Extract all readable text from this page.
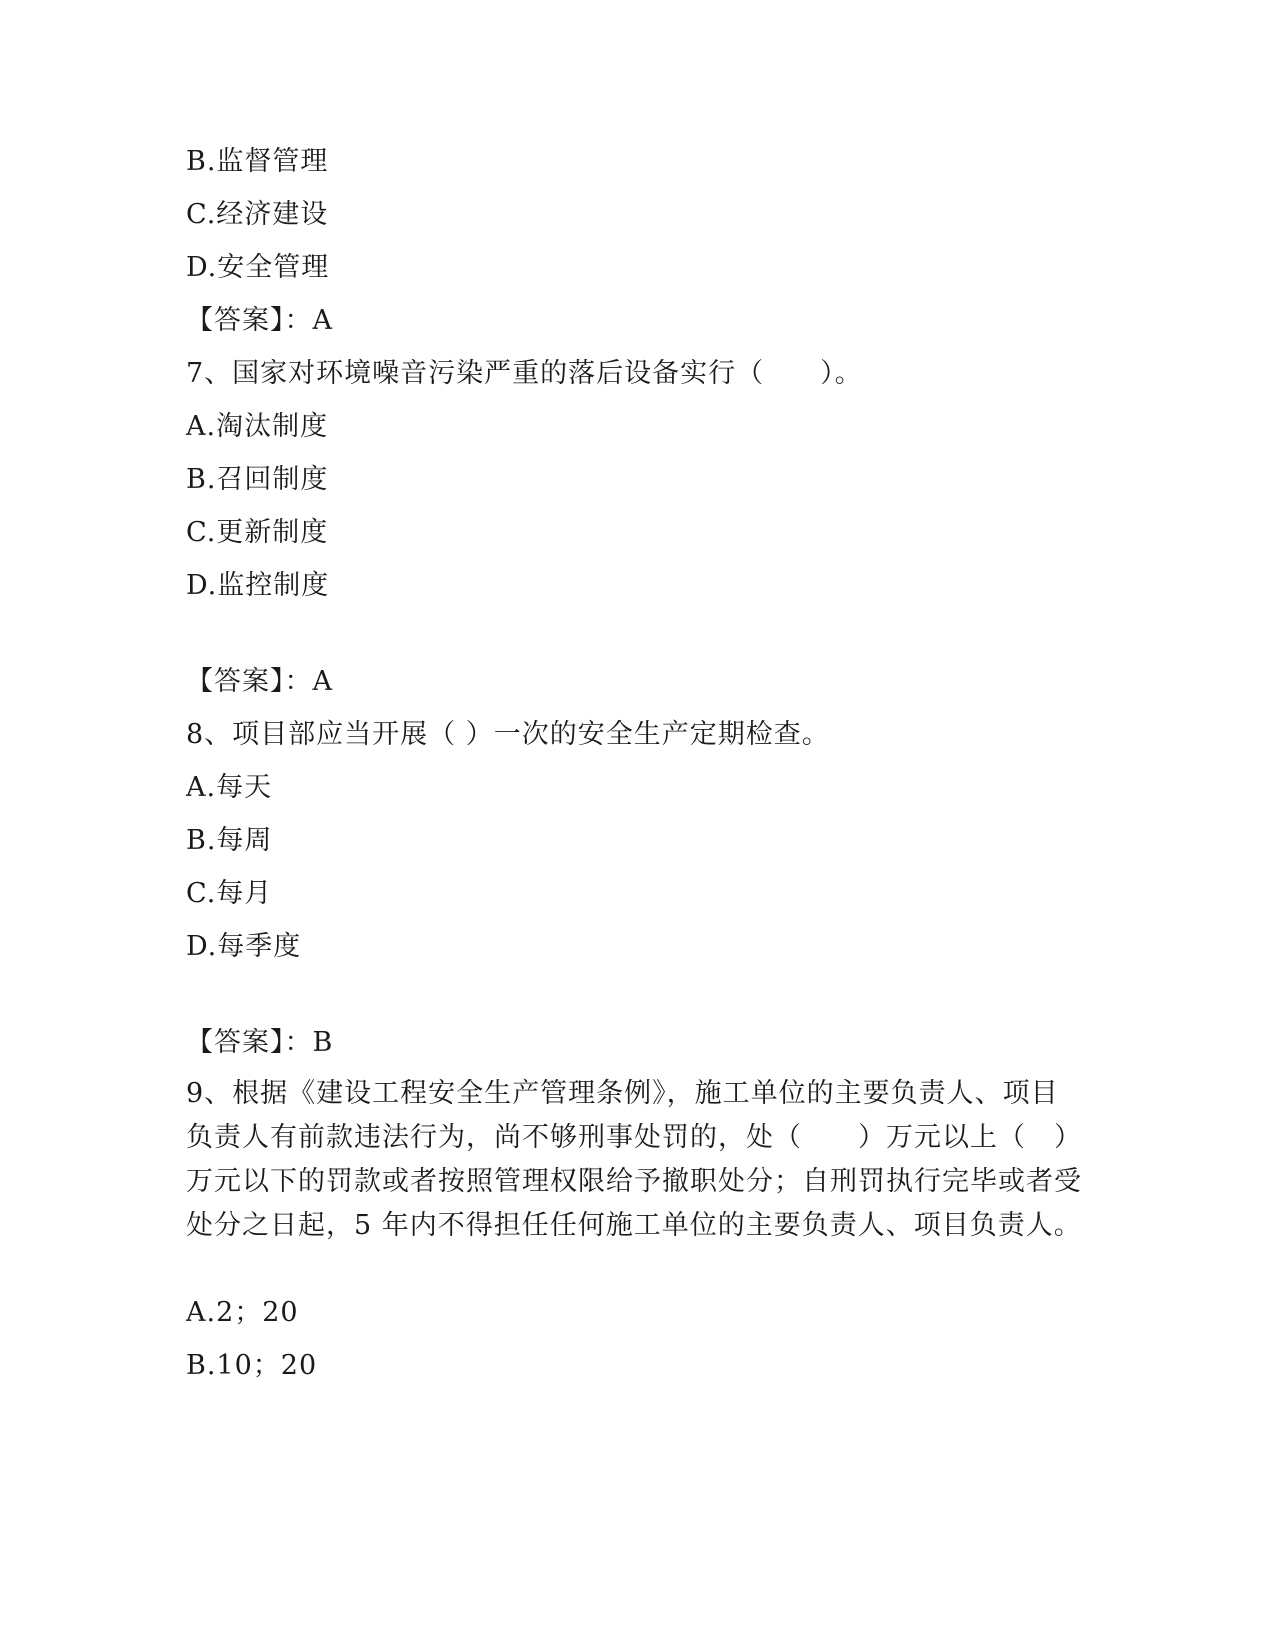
B.监督管理
C.经济建设
D.安全管理
【答案】：A
7、国家对环境噪音污染严重的落后设备实行（　　）。
A.淘汰制度
B.召回制度
C.更新制度
D.监控制度
【答案】：A
8、项目部应当开展（ ）一次的安全生产定期检查。
A.每天
B.每周
C.每月
D.每季度
【答案】：B
9、根据《建设工程安全生产管理条例》，施工单位的主要负责人、项目负责人有前款违法行为，尚不够刑事处罚的，处（　　）万元以上（　）万元以下的罚款或者按照管理权限给予撤职处分；自刑罚执行完毕或者受处分之日起，5 年内不得担任任何施工单位的主要负责人、项目负责人。
A.2；20
B.10；20
